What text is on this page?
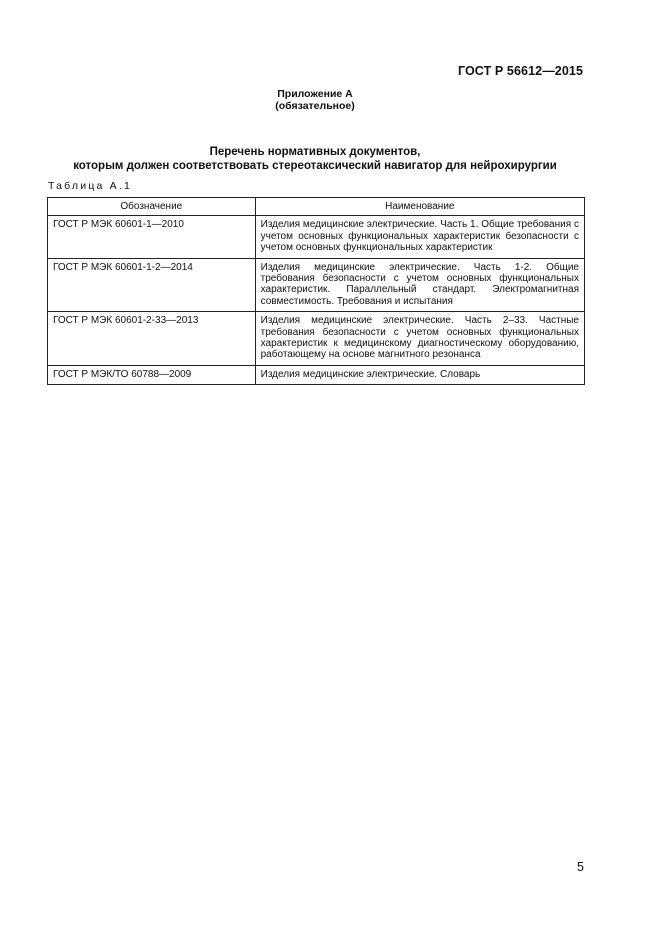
ГОСТ Р 56612—2015
Приложение А
(обязательное)
Перечень нормативных документов,
которым должен соответствовать стереотаксический навигатор для нейрохирургии
Таблица А.1
Обозначение	Наименование
ГОСТ Р МЭК 60601-1—2010	Изделия медицинские электрические. Часть 1. Общие требования с учетом основных функциональных характеристик безопасности с учетом основных функциональных характеристик
ГОСТ Р МЭК 60601-1-2—2014	Изделия медицинские электрические. Часть 1-2. Общие требования безопасности с учетом основных функциональных характеристик. Параллельный стандарт. Электромагнитная совместимость. Требования и испытания
ГОСТ Р МЭК 60601-2-33—2013	Изделия медицинские электрические. Часть 2–33. Частные требования безопасности с учетом основных функциональных характеристик к медицинскому диагностическому оборудованию, работающему на основе магнитного резонанса
ГОСТ Р МЭК/ТО 60788—2009	Изделия медицинские электрические. Словарь
5
